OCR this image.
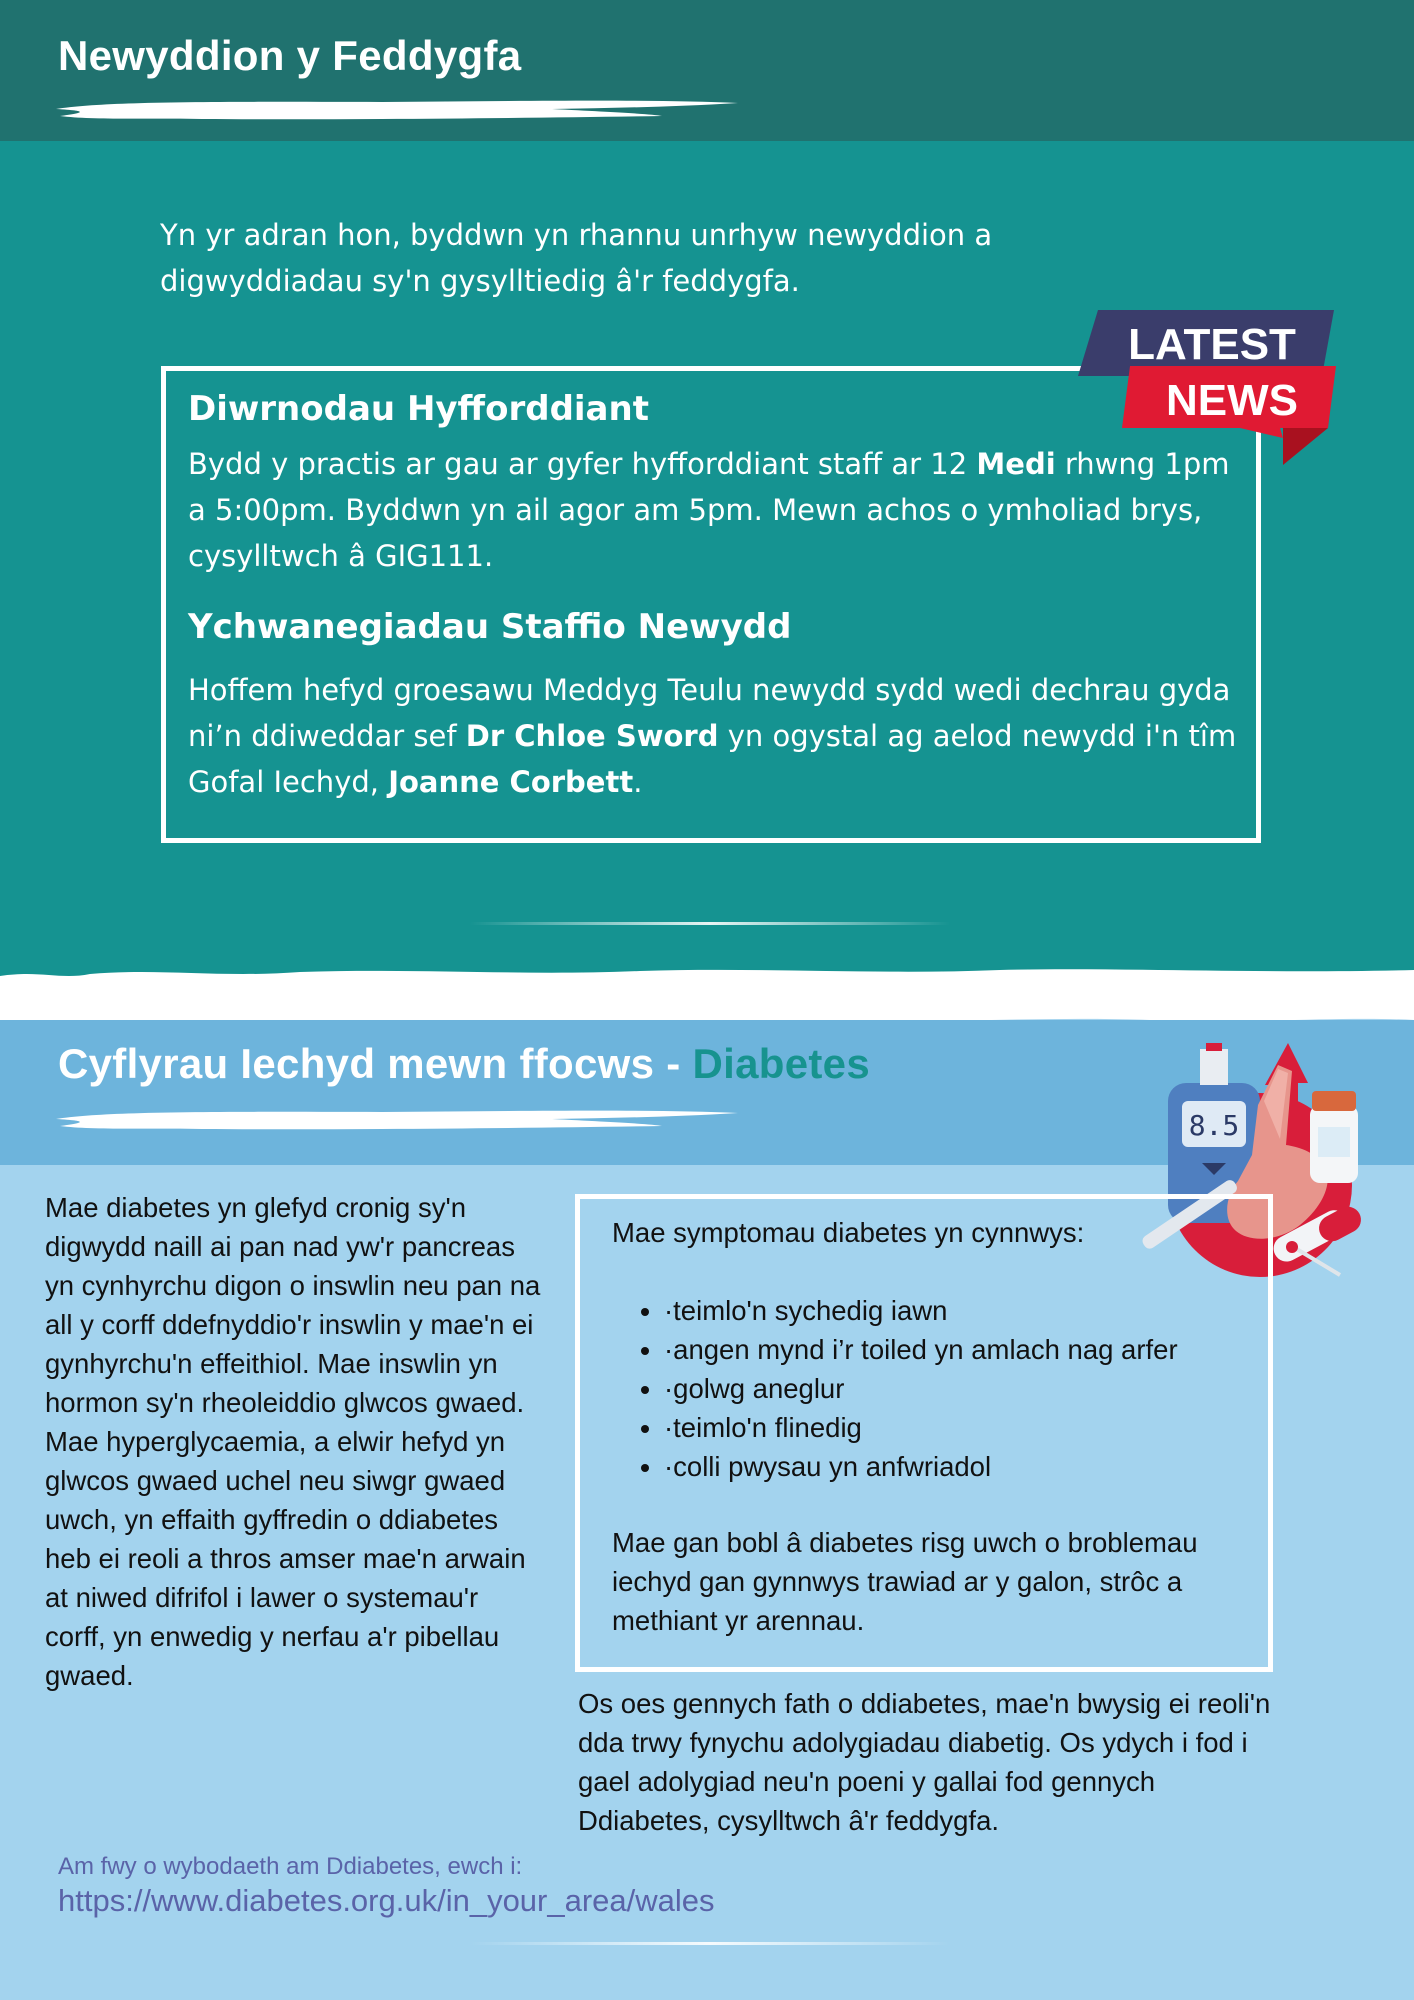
Newyddion y Feddygfa

Yn yr adran hon, byddwn yn rhannu unrhyw newyddion a digwyddiadau sy'n gysylltiedig â'r feddygfa.

Diwrnodau Hyfforddiant

Bydd y practis ar gau ar gyfer hyfforddiant staff ar 12 Medi rhwng 1pm a 5:00pm. Byddwn yn ail agor am 5pm. Mewn achos o ymholiad brys, cysylltwch â GIG111.

Ychwanegiadau Staffio Newydd

Hoffem hefyd groesawu Meddyg Teulu newydd sydd wedi dechrau gyda ni’n ddiweddar sef Dr Chloe Sword yn ogystal ag aelod newydd i'n tîm Gofal Iechyd, Joanne Corbett.

LATEST
NEWS
Cyflyrau Iechyd mewn ffocws - Diabetes
8.5

Mae diabetes yn glefyd cronig sy'n digwydd naill ai pan nad yw'r pancreas yn cynhyrchu digon o inswlin neu pan na all y corff ddefnyddio'r inswlin y mae'n ei gynhyrchu'n effeithiol. Mae inswlin yn hormon sy'n rheoleiddio glwcos gwaed. Mae hyperglycaemia, a elwir hefyd yn glwcos gwaed uchel neu siwgr gwaed uwch, yn effaith gyffredin o ddiabetes heb ei reoli a thros amser mae'n arwain at niwed difrifol i lawer o systemau'r corff, yn enwedig y nerfau a'r pibellau gwaed.

Mae symptomau diabetes yn cynnwys:

• ·teimlo'n sychedig iawn
• ·angen mynd i’r toiled yn amlach nag arfer
• ·golwg aneglur
• ·teimlo'n flinedig
• ·colli pwysau yn anfwriadol

Mae gan bobl â diabetes risg uwch o broblemau iechyd gan gynnwys trawiad ar y galon, strôc a methiant yr arennau.

Os oes gennych fath o ddiabetes, mae'n bwysig ei reoli'n dda trwy fynychu adolygiadau diabetig. Os ydych i fod i gael adolygiad neu'n poeni y gallai fod gennych Ddiabetes, cysylltwch â'r feddygfa.

Am fwy o wybodaeth am Ddiabetes, ewch i:

https://www.diabetes.org.uk/in_your_area/wales
